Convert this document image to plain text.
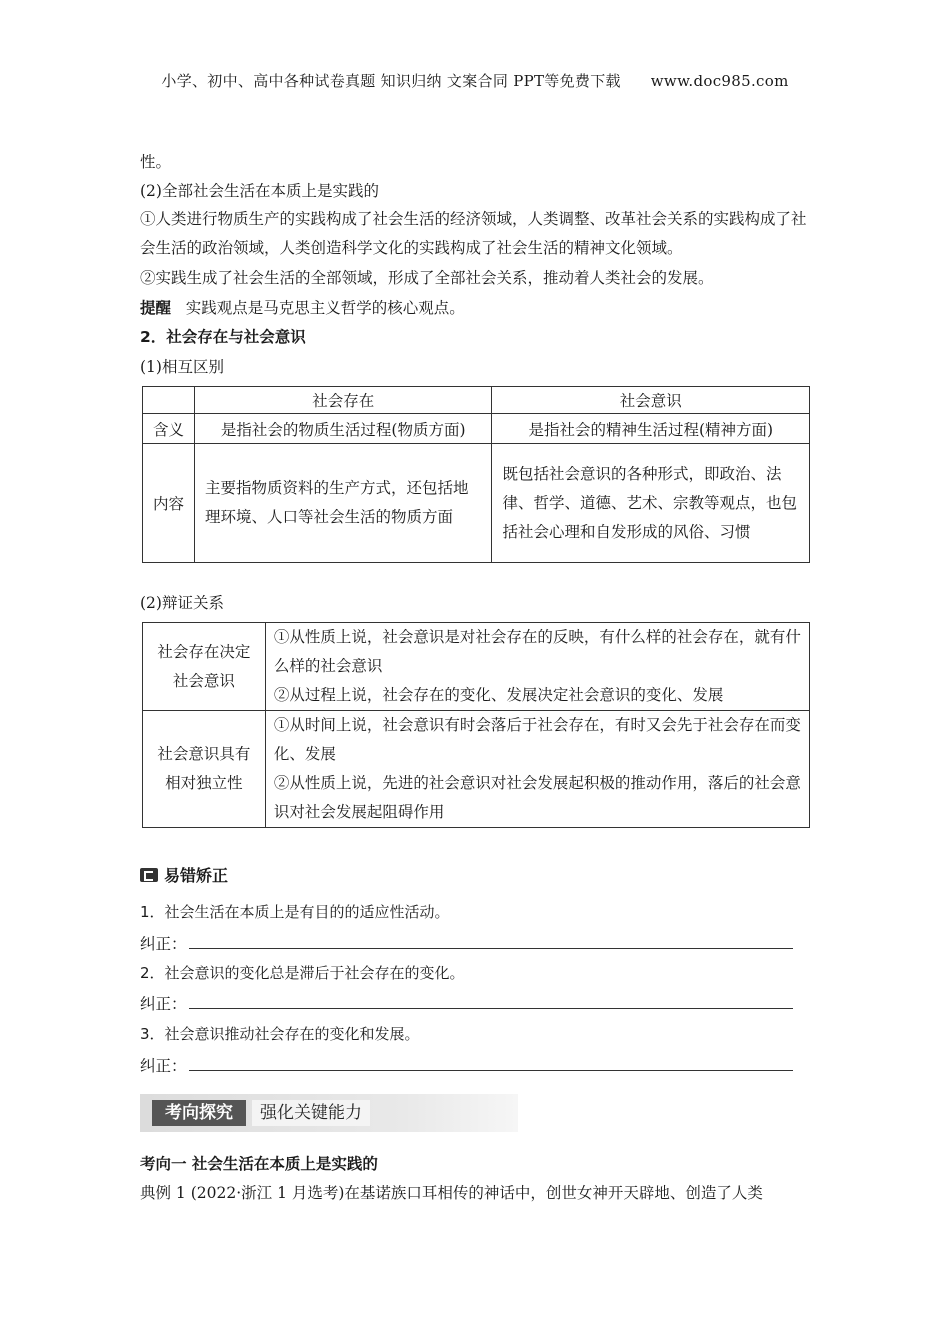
小学、初中、高中各种试卷真题 知识归纳 文案合同 PPT等免费下载 www.doc985.com
性。
(2)全部社会生活在本质上是实践的
①人类进行物质生产的实践构成了社会生活的经济领域，人类调整、改革社会关系的实践构成了社会生活的政治领域，人类创造科学文化的实践构成了社会生活的精神文化领域。
②实践生成了社会生活的全部领域，形成了全部社会关系，推动着人类社会的发展。
提醒 实践观点是马克思主义哲学的核心观点。
2．社会存在与社会意识
(1)相互区别
	社会存在	社会意识
含义	是指社会的物质生活过程(物质方面)	是指社会的精神生活过程(精神方面)
内容	主要指物质资料的生产方式，还包括地理环境、人口等社会生活的物质方面	既包括社会意识的各种形式，即政治、法律、哲学、道德、艺术、宗教等观点，也包括社会心理和自发形成的风俗、习惯
(2)辩证关系
社会存在决定社会意识	①从性质上说，社会意识是对社会存在的反映，有什么样的社会存在，就有什么样的社会意识
②从过程上说，社会存在的变化、发展决定社会意识的变化、发展

社会意识具有相对独立性	①从时间上说，社会意识有时会落后于社会存在，有时又会先于社会存在而变化、发展
②从性质上说，先进的社会意识对社会发展起积极的推动作用，落后的社会意识对社会发展起阻碍作用
易错矫正
1．社会生活在本质上是有目的的适应性活动。
纠正：
2．社会意识的变化总是滞后于社会存在的变化。
纠正：
3．社会意识推动社会存在的变化和发展。
纠正：
考向探究	强化关键能力
考向一 社会生活在本质上是实践的
典例 1 (2022·浙江 1 月选考)在基诺族口耳相传的神话中，创世女神开天辟地、创造了人类
